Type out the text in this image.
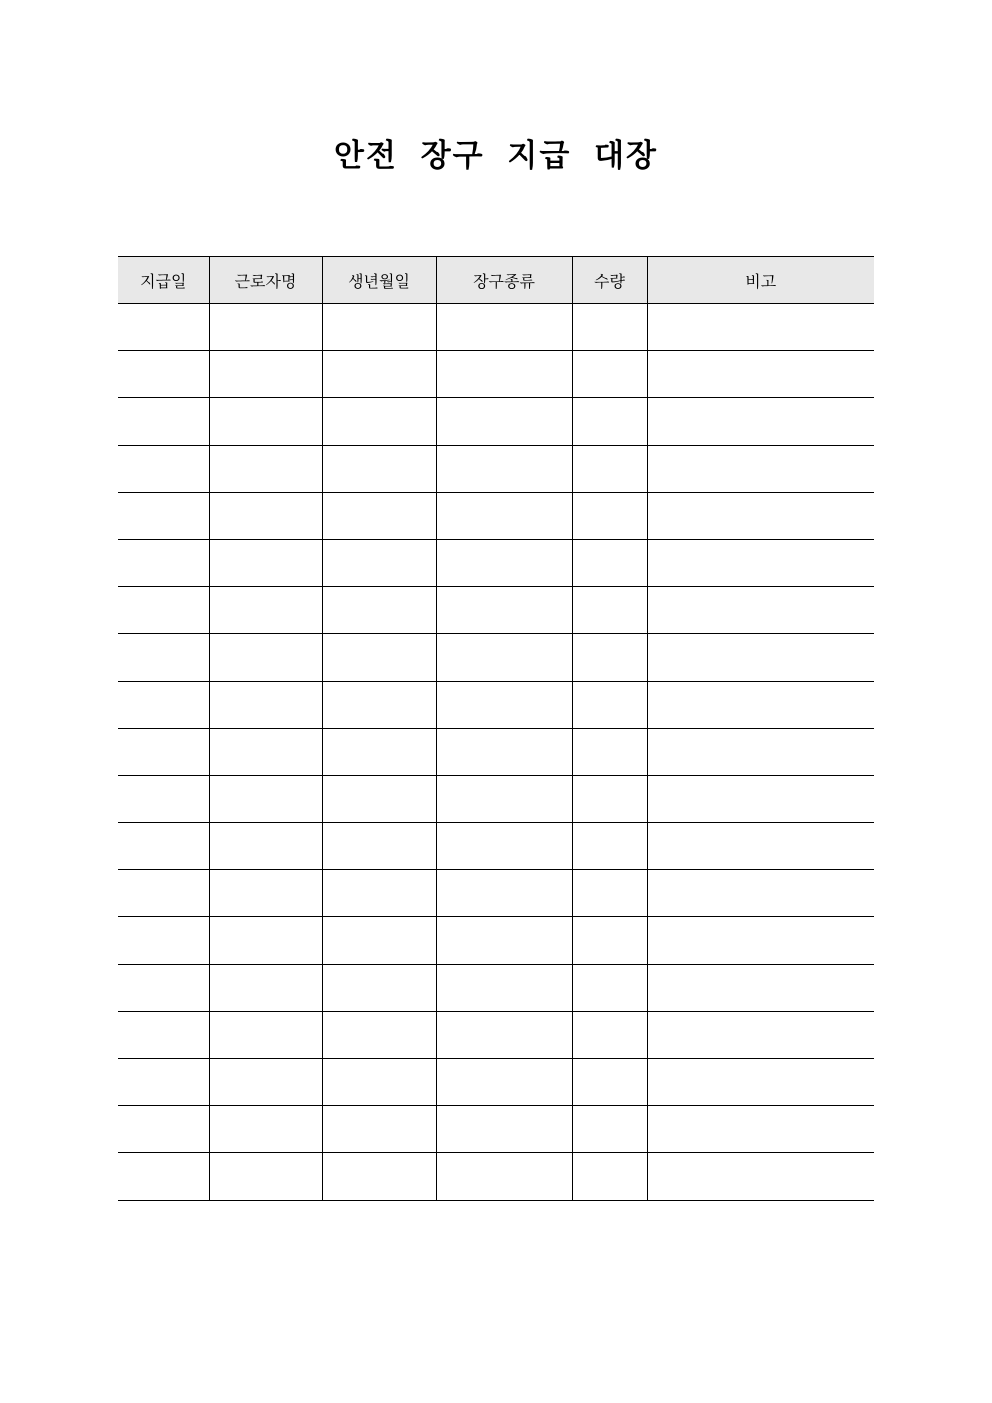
안전 장구 지급 대장
지급일	근로자명	생년월일	장구종류	수량	비고
